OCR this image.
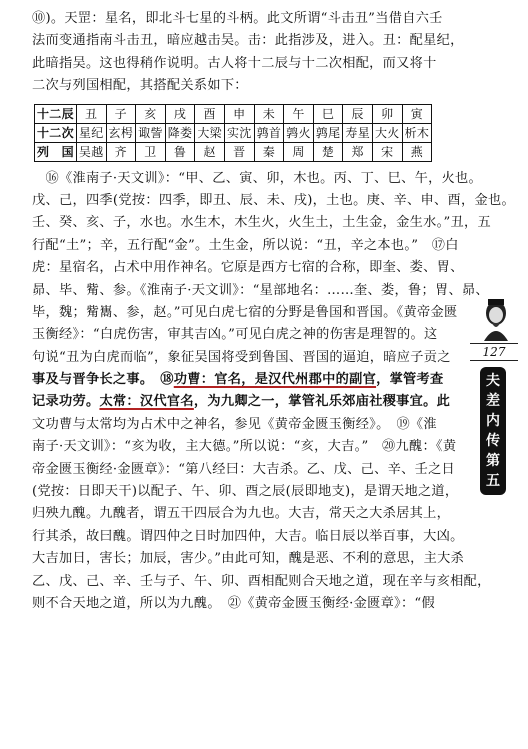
⑩)。天罡：星名，即北斗七星的斗柄。此文所谓“斗击丑”当借自六壬
法而变通指南斗击丑，暗应越击吴。击：此指涉及，进入。丑：配星纪，
此暗指吴。这也得稍作说明。古人将十二辰与十二次相配，而又将十
二次与列国相配，其搭配关系如下：
十二辰	丑	子	亥	戌	酉	申	未	午	巳	辰	卯	寅
十二次	星纪	玄枵	诹訾	降娄	大梁	实沈	鹑首	鹑火	鹑尾	寿星	大火	析木
列　国	吴越	齐	卫	鲁	赵	晋	秦	周	楚	郑	宋	燕
　⑯《淮南子·天文训》：“甲、乙、寅、卯，木也。丙、丁、巳、午，火也。
戊、己，四季(党按：四季，即丑、辰、未、戌)，土也。庚、辛、申、酉，金也。
壬、癸、亥、子，水也。水生木，木生火，火生土，土生金，金生水。”丑，五
行配“土”；辛，五行配“金”。土生金，所以说：“丑，辛之本也。”　⑰白
虎：星宿名，占术中用作神名。它原是西方七宿的合称，即奎、娄、胃、
昴、毕、觜、参。《淮南子·天文训》：“星部地名：……奎、娄，鲁；胃、昴、
毕，魏；觜巂、参，赵。”可见白虎七宿的分野是鲁国和晋国。《黄帝金匮
玉衡经》：“白虎伤害，审其吉凶。”可见白虎之神的伤害是理智的。这
句说“丑为白虎而临”，象征吴国将受到鲁国、晋国的逼迫，暗应子贡之
事及与晋争长之事。　⑱功曹：官名，是汉代州郡中的副官，掌管考查
记录功劳。太常：汉代官名，为九卿之一，掌管礼乐郊庙社稷事宜。此
文功曹与太常均为占术中之神名，参见《黄帝金匮玉衡经》。　⑲《淮
南子·天文训》：“亥为收，主大德。”所以说：“亥，大吉。”　⑳九醜：《黄
帝金匮玉衡经·金匮章》：“第八经曰：大吉杀。乙、戊、己、辛、壬之日
(党按：日即天干)以配子、午、卯、酉之辰(辰即地支)，是谓天地之道，
归殃九醜。九醜者，谓五干四辰合为九也。大吉，常天之大杀居其上，
行其杀，故曰醜。谓四仲之日时加四仲，大吉。临日辰以举百事，大凶。
大吉加日，害长；加辰，害少。”由此可知，醜是恶、不利的意思，主大杀
乙、戊、己、辛、壬与子、午、卯、酉相配则合天地之道，现在辛与亥相配，
则不合天地之道，所以为九醜。　㉑《黄帝金匮玉衡经·金匮章》：“假
127
夫差内传第五
